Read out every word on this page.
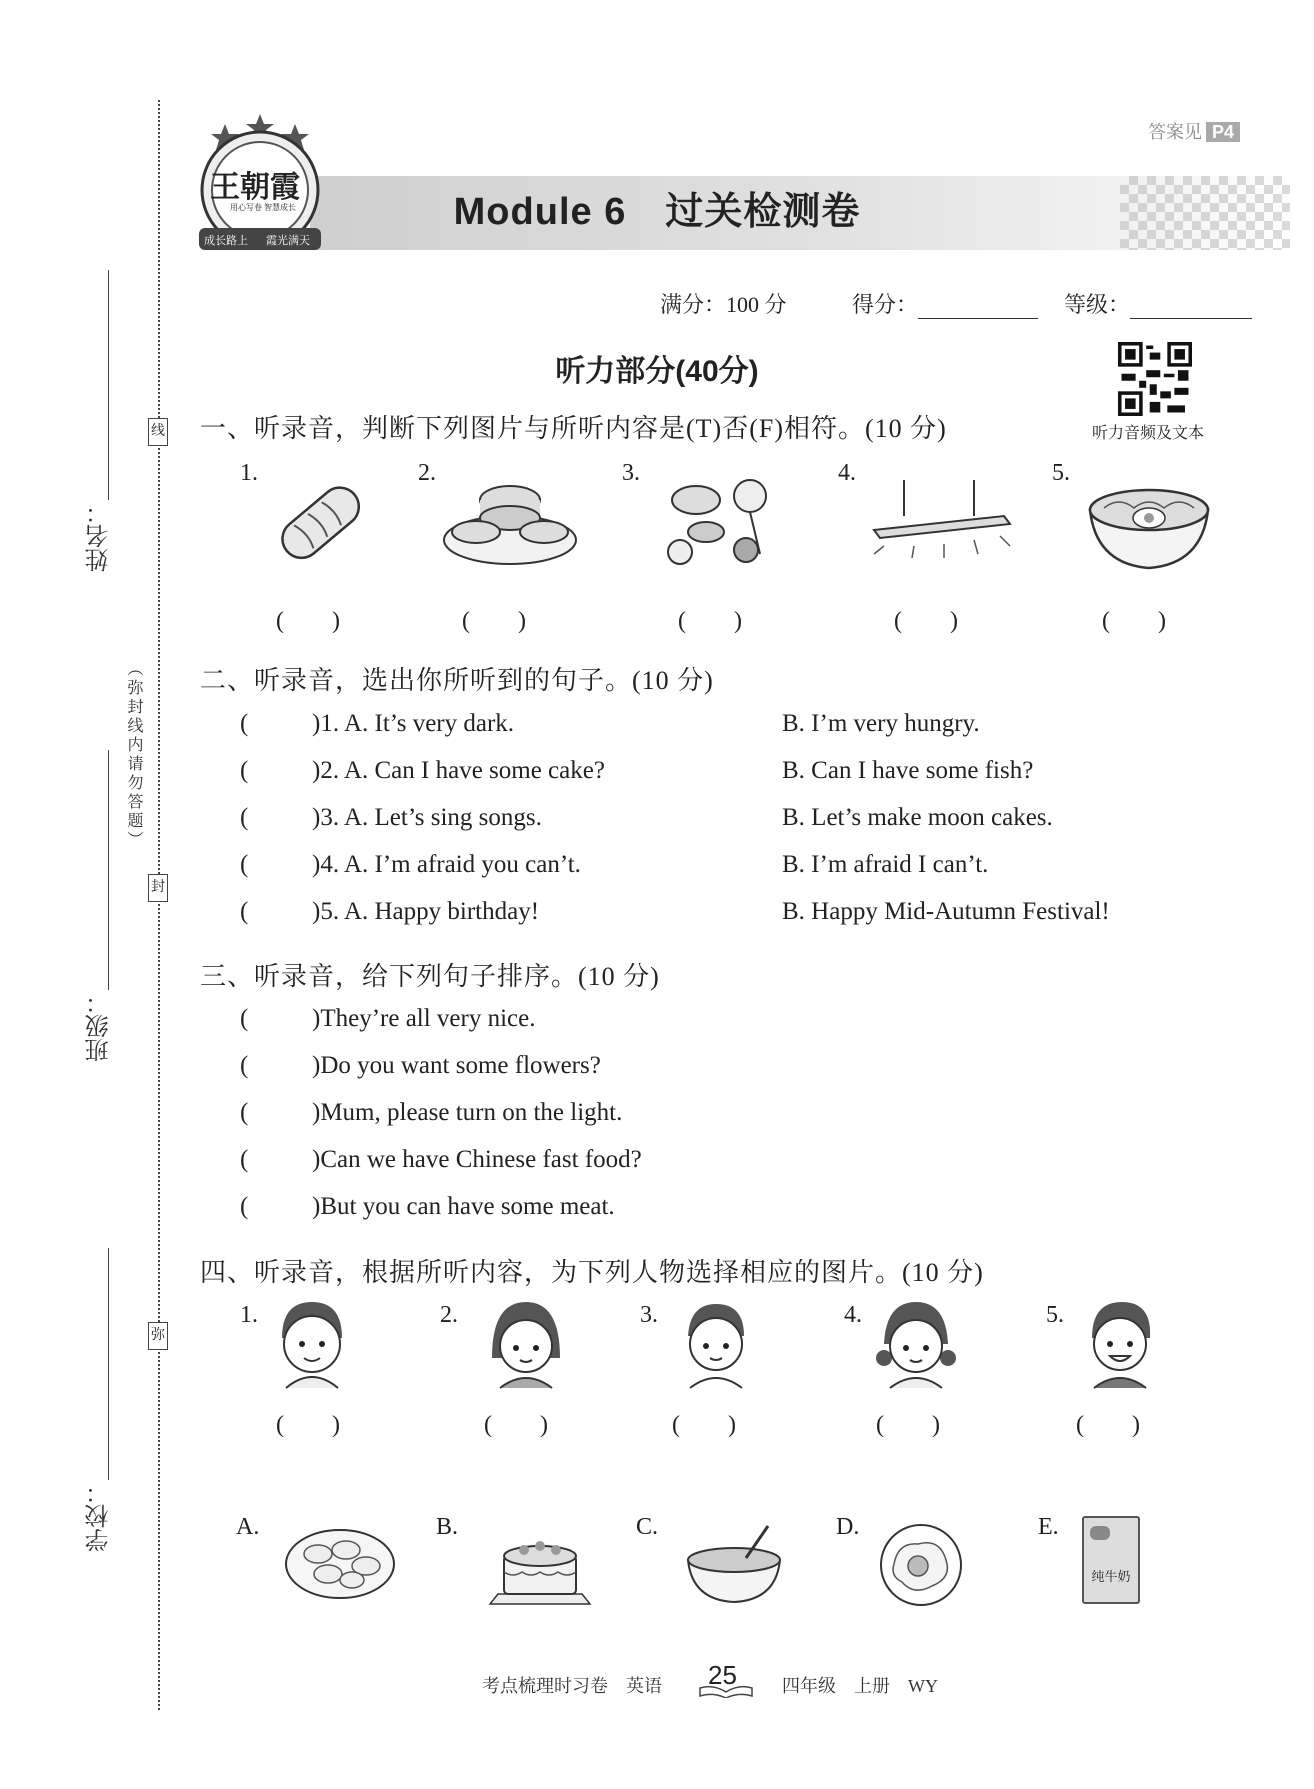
线
封
弥
（弥封线内请勿答题）
姓名：
班级：
学校：
答案见 P4
王朝霞
用心写卷 智慧成长
成长路上 霞光满天
Module 6　过关检测卷
满分：100 分	得分：	等级：
听力部分(40分)
听力音频及文本
一、听录音，判断下列图片与所听内容是(T)否(F)相符。(10 分)
1.	2.	3.	4.	5.
(　　)	(　　)	(　　)	(　　)	(　　)
二、听录音，选出你所听到的句子。(10 分)
(	)1. A. It’s very dark.	B. I’m very hungry.
(	)2. A. Can I have some cake?	B. Can I have some fish?
(	)3. A. Let’s sing songs.	B. Let’s make moon cakes.
(	)4. A. I’m afraid you can’t.	B. I’m afraid I can’t.
(	)5. A. Happy birthday!	B. Happy Mid-Autumn Festival!
三、听录音，给下列句子排序。(10 分)
(	)They’re all very nice.
(	)Do you want some flowers?
(	)Mum, please turn on the light.
(	)Can we have Chinese fast food?
(	)But you can have some meat.
四、听录音，根据所听内容，为下列人物选择相应的图片。(10 分)
1.	2.	3.	4.	5.
(　　)	(　　)	(　　)	(　　)	(　　)
A.	B.	C.	D.	E.
纯牛奶
考点梳理时习卷　英语 25	四年级　上册　WY
